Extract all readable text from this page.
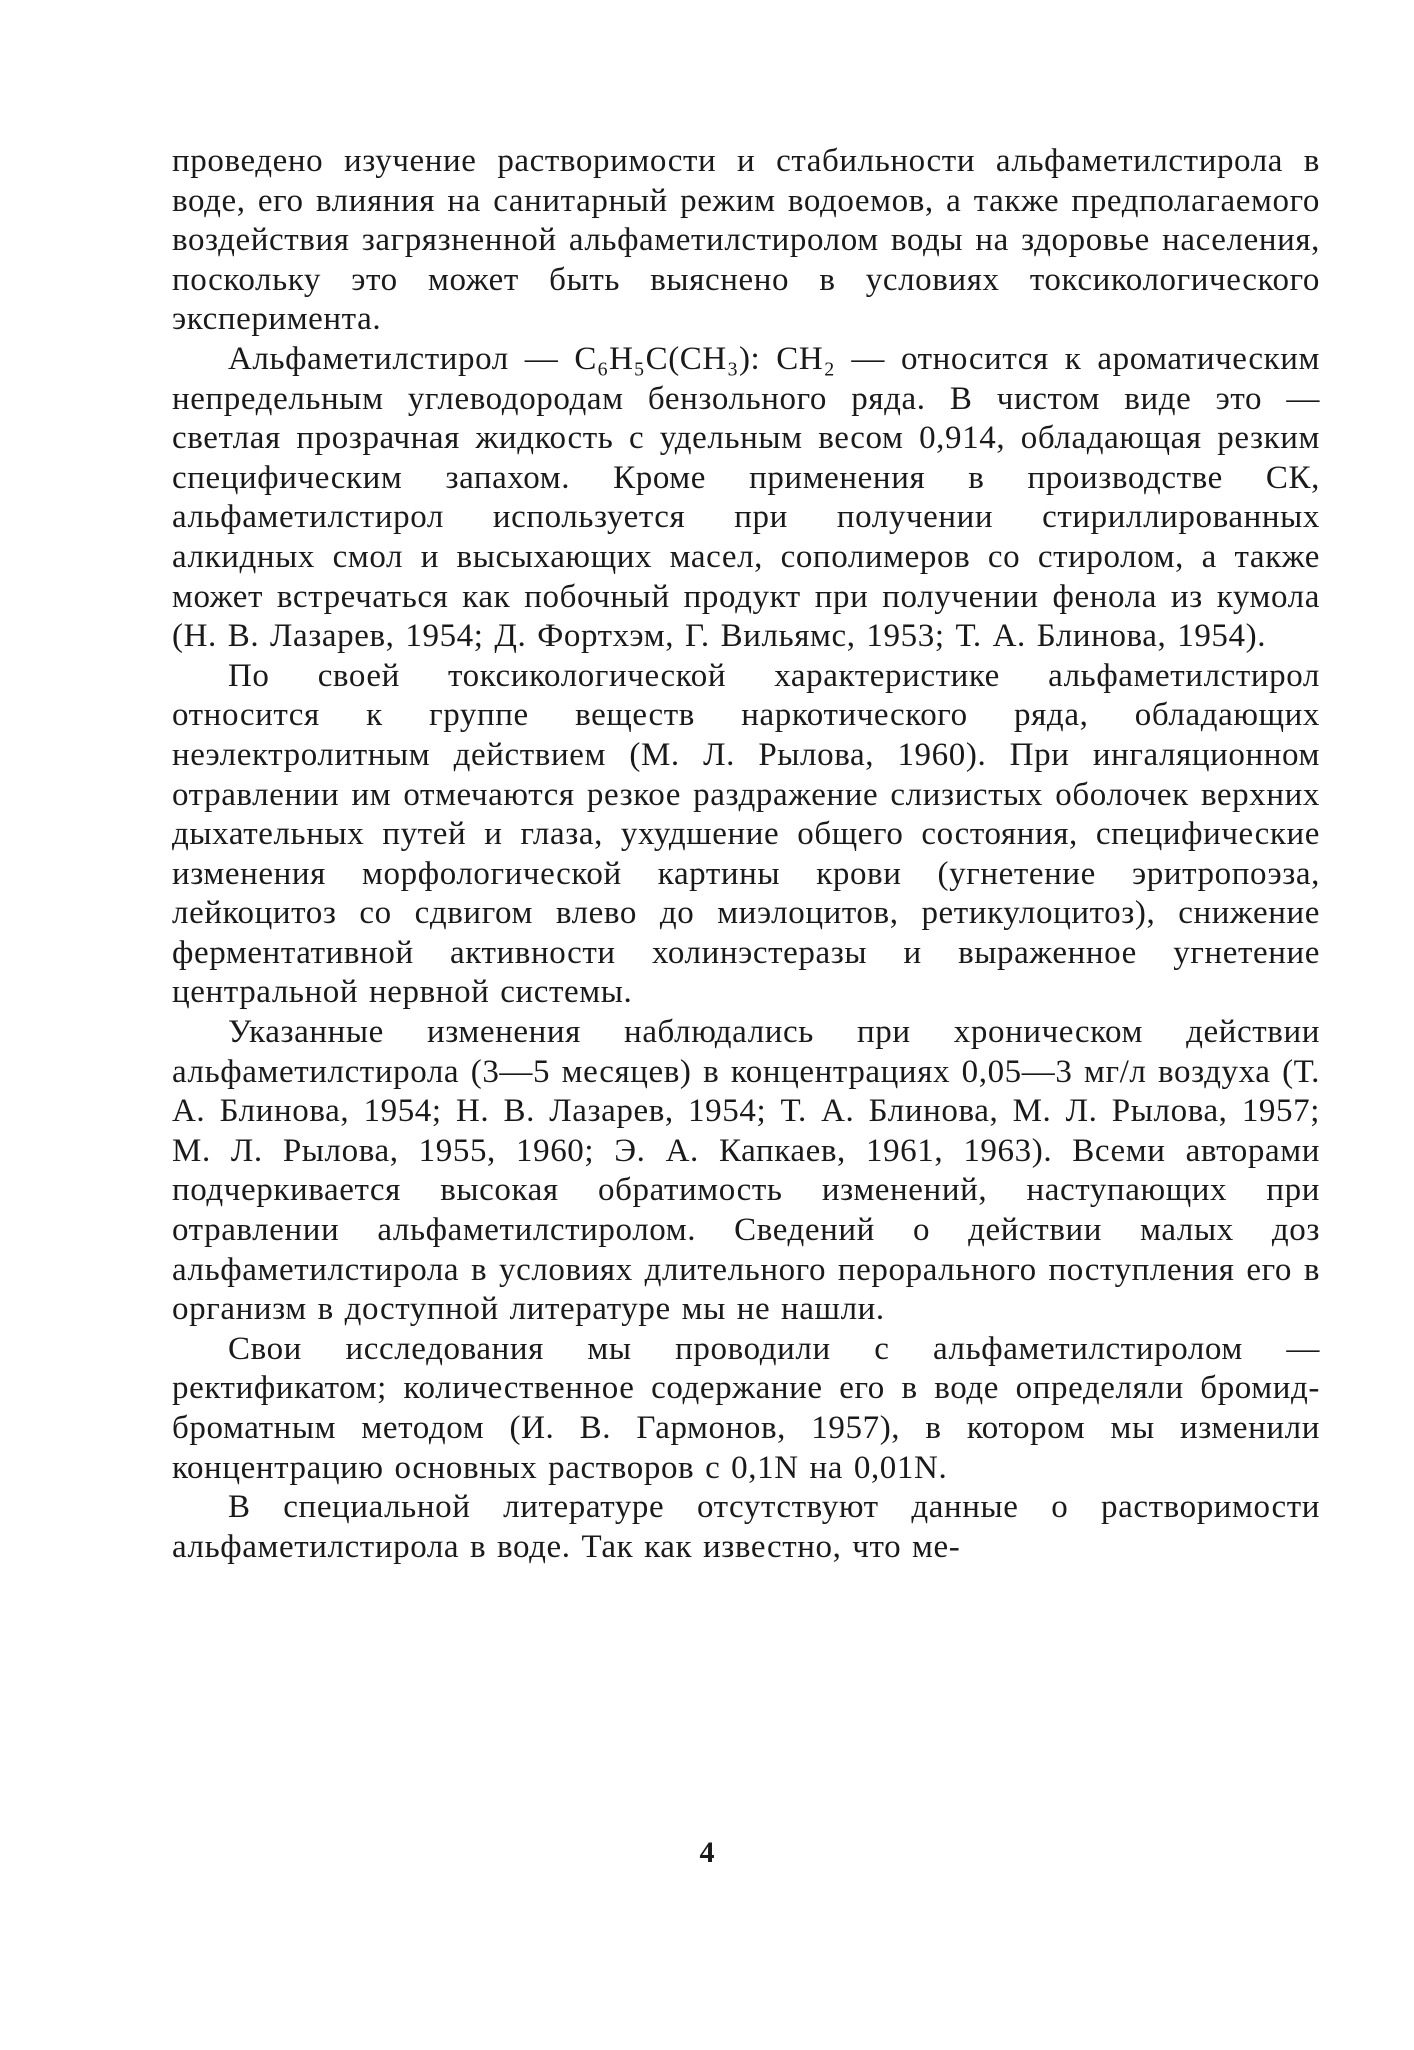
проведено изучение растворимости и стабильности альфаметилстирола в воде, его влияния на санитарный режим водоемов, а также предполагаемого воздействия загрязненной альфаметилстиролом воды на здоровье населения, поскольку это может быть выяснено в условиях токсикологического эксперимента.

Альфаметилстирол — C₆H₅C(CH₃): CH₂ — относится к ароматическим непредельным углеводородам бензольного ряда. В чистом виде это — светлая прозрачная жидкость с удельным весом 0,914, обладающая резким специфическим запахом. Кроме применения в производстве СК, альфаметилстирол используется при получении стириллированных алкидных смол и высыхающих масел, сополимеров со стиролом, а также может встречаться как побочный продукт при получении фенола из кумола (Н. В. Лазарев, 1954; Д. Фортхэм, Г. Вильямс, 1953; Т. А. Блинова, 1954).

По своей токсикологической характеристике альфаметилстирол относится к группе веществ наркотического ряда, обладающих неэлектролитным действием (М. Л. Рылова, 1960). При ингаляционном отравлении им отмечаются резкое раздражение слизистых оболочек верхних дыхательных путей и глаза, ухудшение общего состояния, специфические изменения морфологической картины крови (угнетение эритропоэза, лейкоцитоз со сдвигом влево до миэлоцитов, ретикулоцитоз), снижение ферментативной активности холинэстеразы и выраженное угнетение центральной нервной системы.

Указанные изменения наблюдались при хроническом действии альфаметилстирола (3—5 месяцев) в концентрациях 0,05—3 мг/л воздуха (Т. А. Блинова, 1954; Н. В. Лазарев, 1954; Т. А. Блинова, М. Л. Рылова, 1957; М. Л. Рылова, 1955, 1960; Э. А. Капкаев, 1961, 1963). Всеми авторами подчеркивается высокая обратимость изменений, наступающих при отравлении альфаметилстиролом. Сведений о действии малых доз альфаметилстирола в условиях длительного перорального поступления его в организм в доступной литературе мы не нашли.

Свои исследования мы проводили с альфаметилстиролом — ректификатом; количественное содержание его в воде определяли бромид-броматным методом (И. В. Гармонов, 1957), в котором мы изменили концентрацию основных растворов с 0,1N на 0,01N.

В специальной литературе отсутствуют данные о растворимости альфаметилстирола в воде. Так как известно, что ме-

4
